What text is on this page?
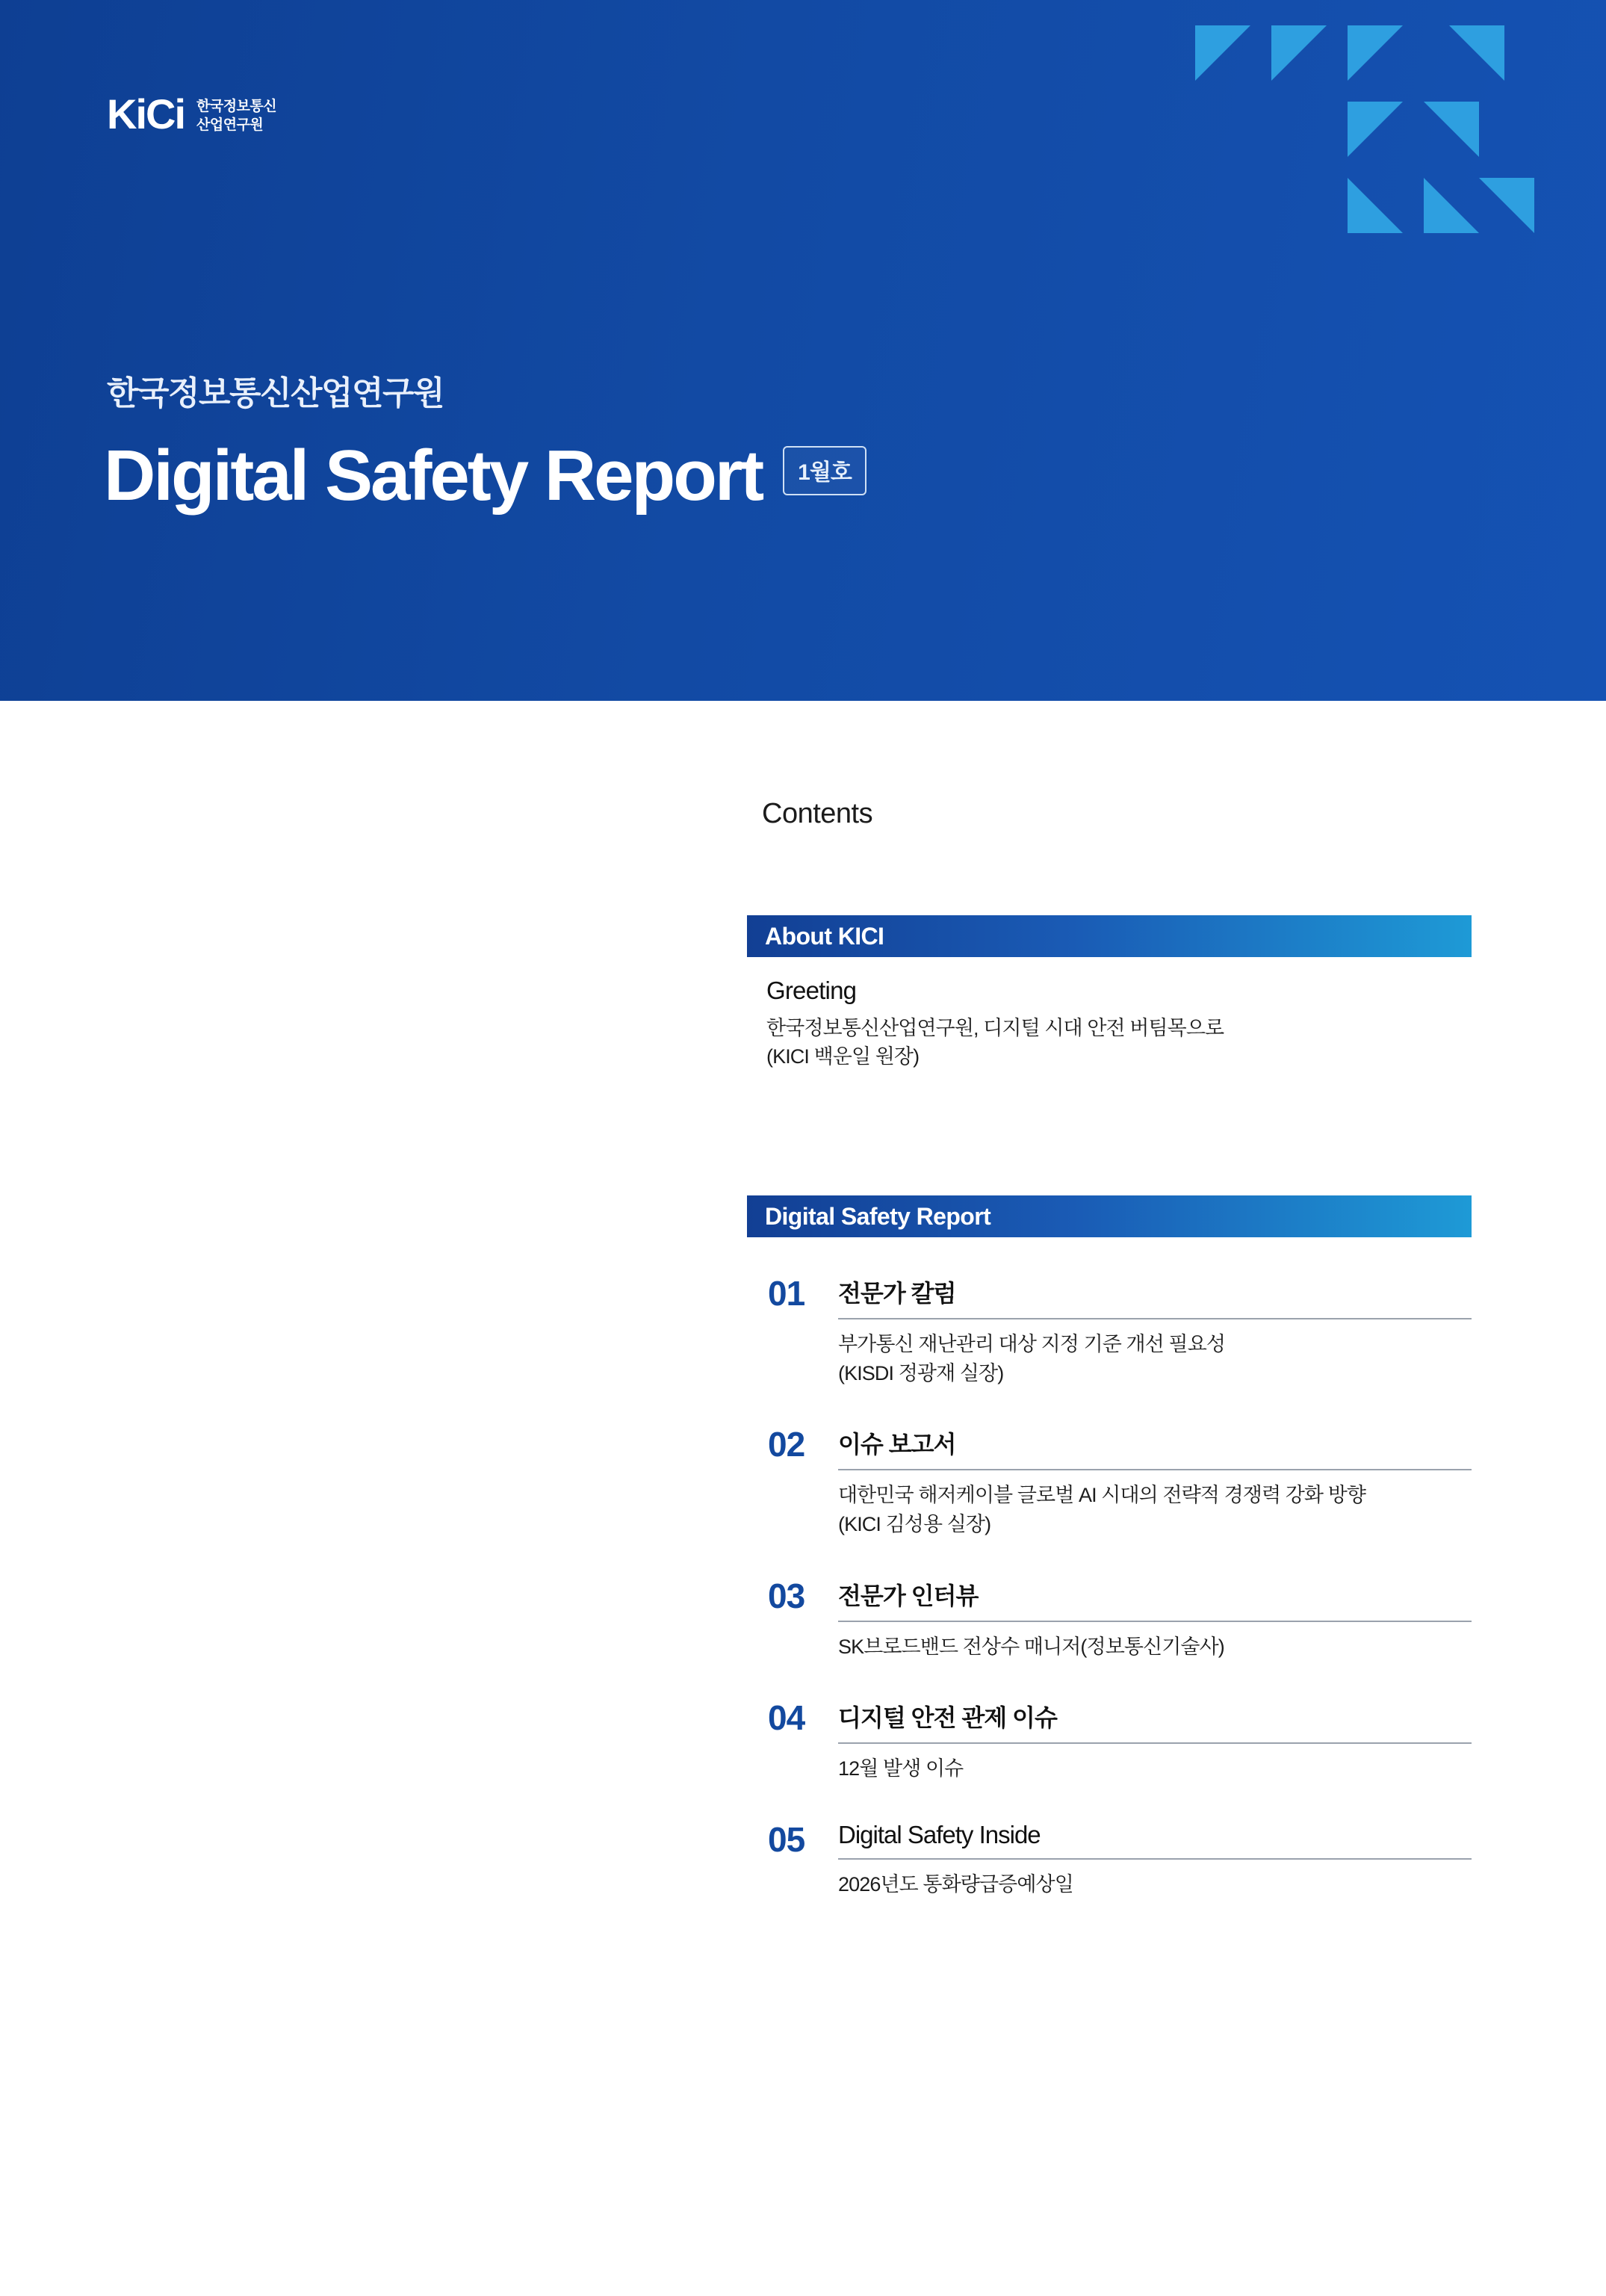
KiCi 한국정보통신
산업연구원
한국정보통신산업연구원
Digital Safety Report	1월호
Contents
About KICI
Greeting
한국정보통신산업연구원, 디지털 시대 안전 버팀목으로
(KICI 백운일 원장)
Digital Safety Report
01 전문가 칼럼
부가통신 재난관리 대상 지정 기준 개선 필요성
(KISDI 정광재 실장)
02 이슈 보고서
대한민국 해저케이블 글로벌 AI 시대의 전략적 경쟁력 강화 방향
(KICI 김성용 실장)
03 전문가 인터뷰
SK브로드밴드 전상수 매니저(정보통신기술사)
04 디지털 안전 관제 이슈
12월 발생 이슈
05 Digital Safety Inside
2026년도 통화량급증예상일
